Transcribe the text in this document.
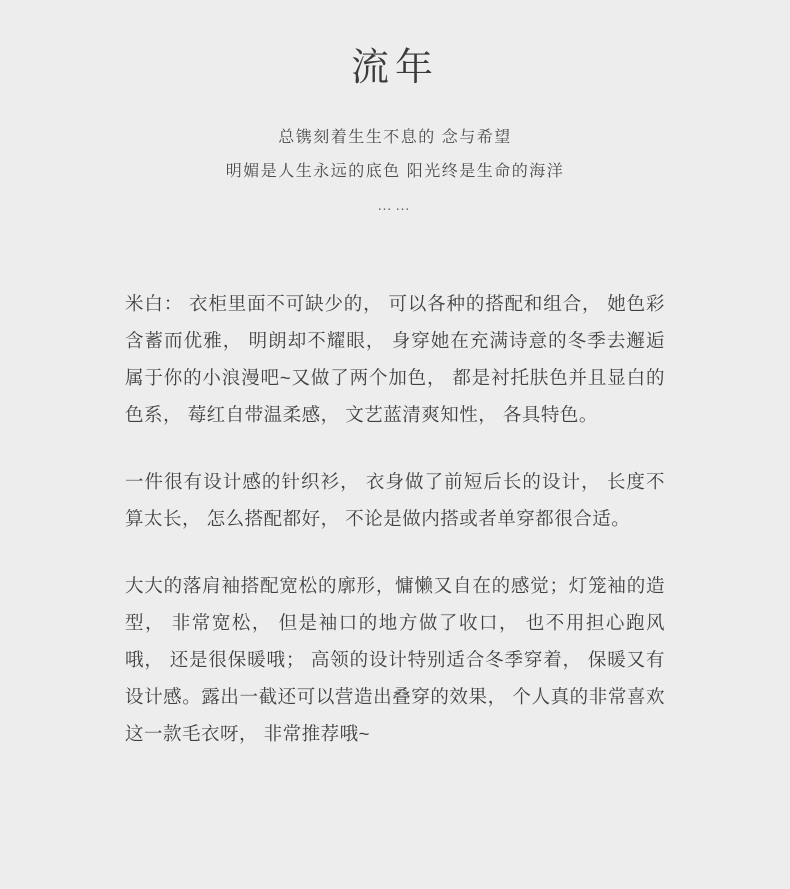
流年
总镌刻着生生不息的 念与希望
明媚是人生永远的底色 阳光终是生命的海洋
……

米白： 衣柜里面不可缺少的， 可以各种的搭配和组合， 她色彩含蓄而优雅， 明朗却不耀眼， 身穿她在充满诗意的冬季去邂逅属于你的小浪漫吧~又做了两个加色， 都是衬托肤色并且显白的色系， 莓红自带温柔感， 文艺蓝清爽知性， 各具特色。

一件很有设计感的针织衫， 衣身做了前短后长的设计， 长度不算太长， 怎么搭配都好， 不论是做内搭或者单穿都很合适。

大大的落肩袖搭配宽松的廓形，慵懒又自在的感觉；灯笼袖的造型， 非常宽松， 但是袖口的地方做了收口， 也不用担心跑风哦， 还是很保暖哦； 高领的设计特别适合冬季穿着， 保暖又有设计感。露出一截还可以营造出叠穿的效果， 个人真的非常喜欢这一款毛衣呀， 非常推荐哦~
